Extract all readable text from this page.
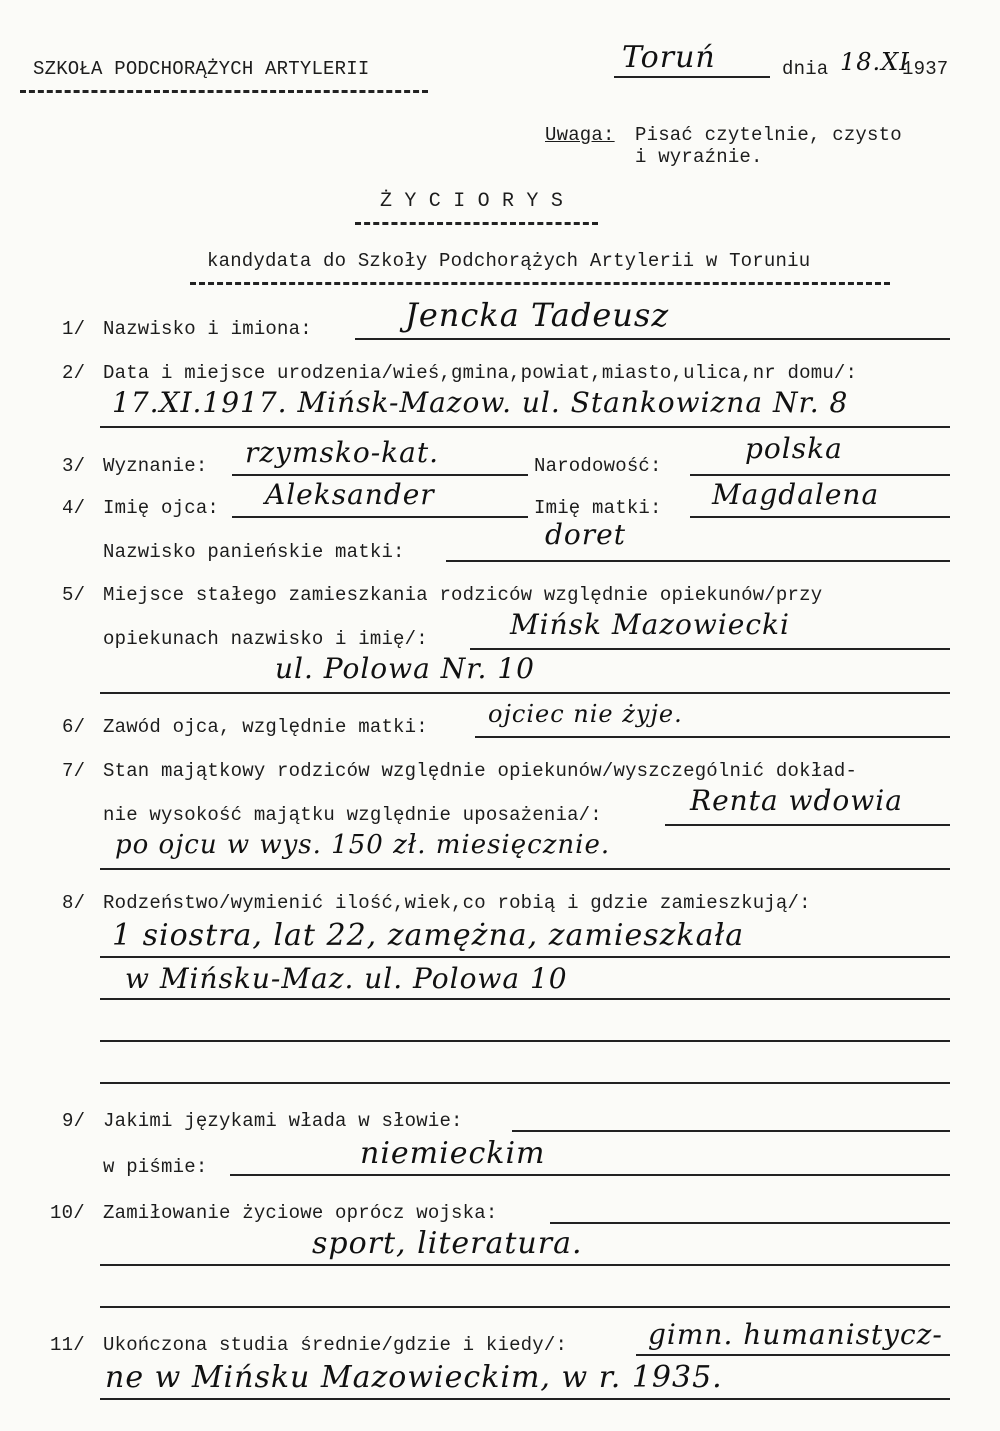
SZKOŁA PODCHORĄŻYCH ARTYLERII	Toruń	dnia 18.XI
1937
Uwaga: Pisać czytelnie, czysto
i wyraźnie.
Ż Y C I O R Y S
kandydata do Szkoły Podchorążych Artylerii w Toruniu
1/ Nazwisko i imiona:	Jencka Tadeusz
2/ Data i miejsce urodzenia/wieś,gmina,powiat,miasto,ulica,nr domu/:
17.XI.1917. Mińsk-Mazow. ul. Stankowizna Nr. 8
3/ Wyznanie: rzymsko-kat.	Narodowość:
polska
4/ Imię ojca: Aleksander	Imię matki: Magdalena
Nazwisko panieńskie matki:
doret
5/ Miejsce stałego zamieszkania rodziców względnie opiekunów/przy
opiekunach nazwisko i imię/:	Mińsk Mazowiecki
ul. Polowa Nr. 10
6/ Zawód ojca, względnie matki:	ojciec nie żyje.
7/ Stan majątkowy rodziców względnie opiekunów/wyszczególnić dokład-
nie wysokość majątku względnie uposażenia/:	Renta wdowia
po ojcu w wys. 150 zł. miesięcznie.
8/ Rodzeństwo/wymienić ilość,wiek,co robią i gdzie zamieszkują/:
1 siostra, lat 22, zamężna, zamieszkała
w Mińsku-Maz. ul. Polowa 10
9/ Jakimi językami włada w słowie:
w piśmie:	niemieckim
10/ Zamiłowanie życiowe oprócz wojska:
sport, literatura.
11/ Ukończona studia średnie/gdzie i kiedy/:	gimn. humanistycz-
ne w Mińsku Mazowieckim, w r. 1935.
